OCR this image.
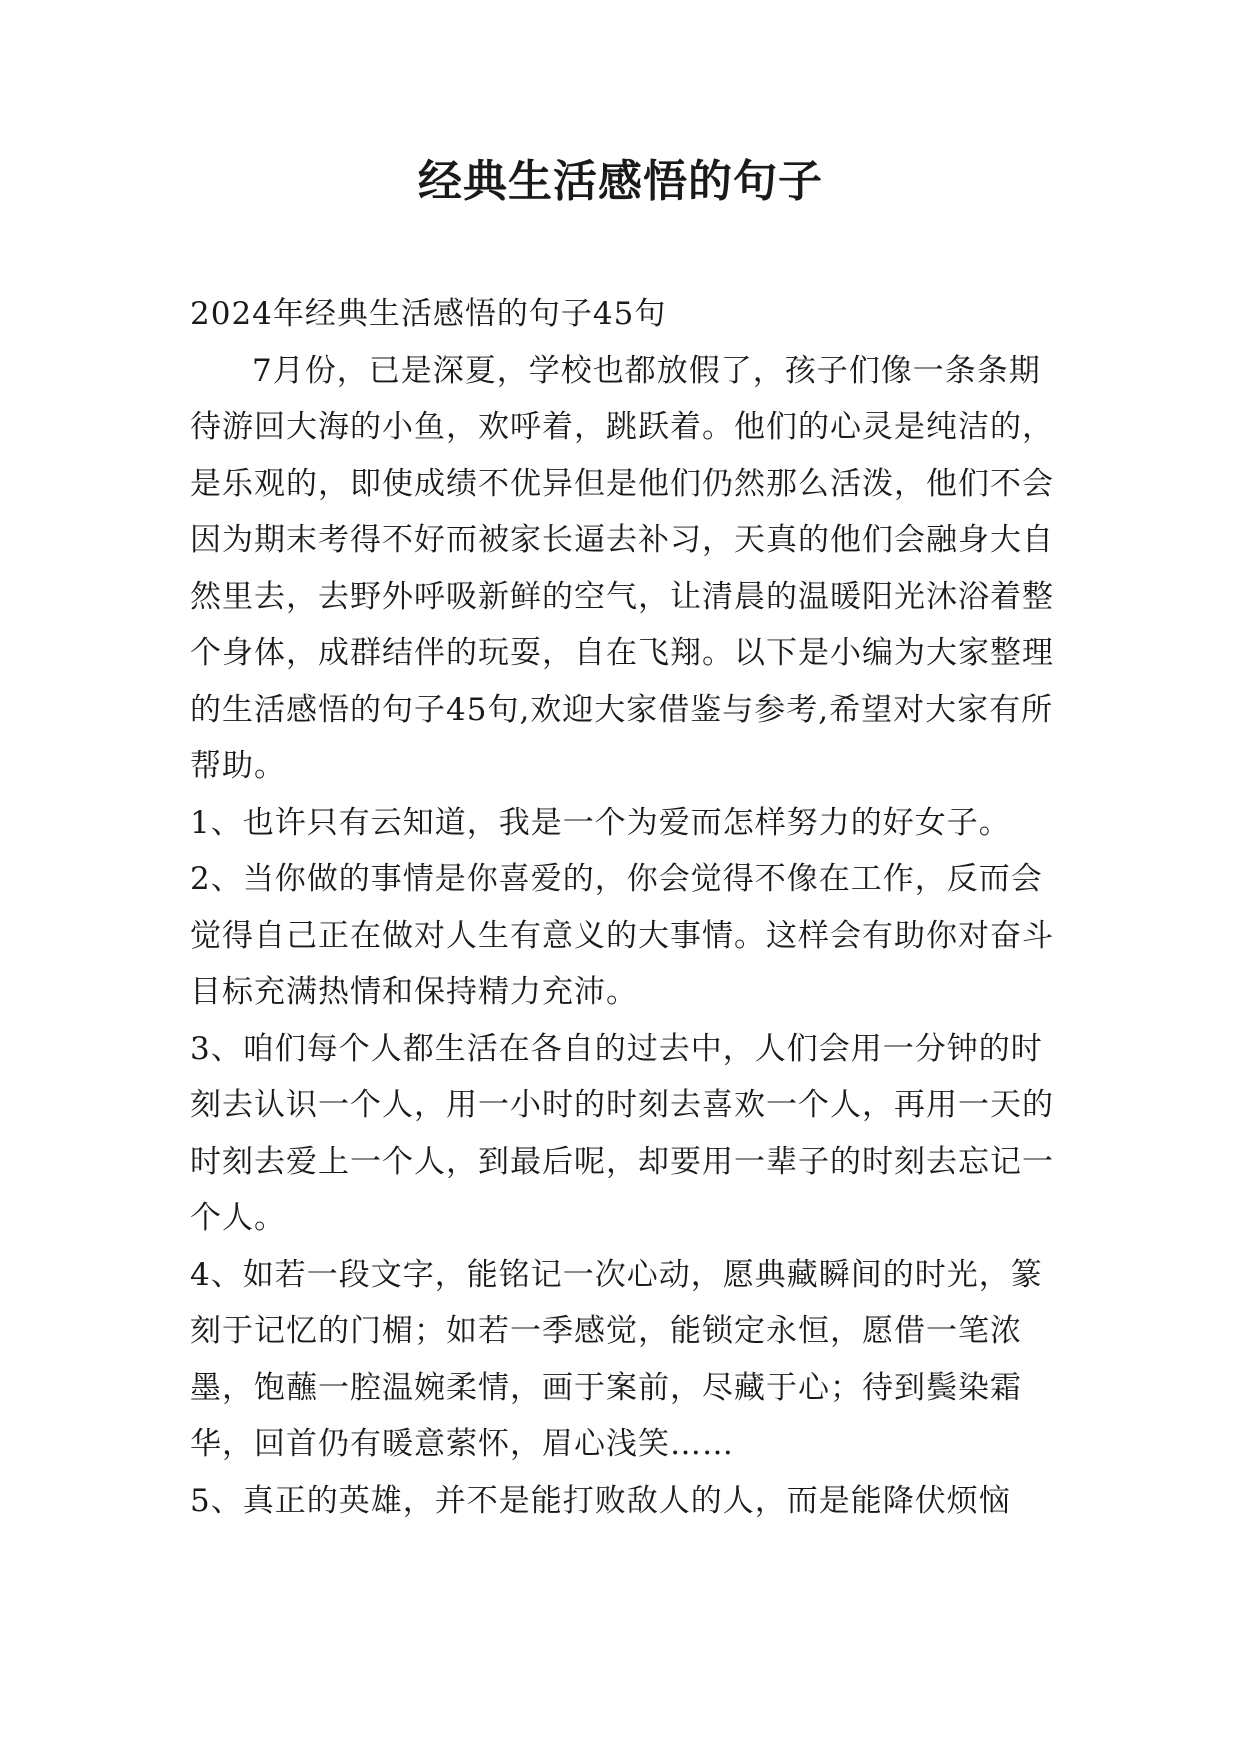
经典生活感悟的句子

2024年经典生活感悟的句子45句

7月份，已是深夏，学校也都放假了，孩子们像一条条期待游回大海的小鱼，欢呼着，跳跃着。他们的心灵是纯洁的，是乐观的，即使成绩不优异但是他们仍然那么活泼，他们不会因为期末考得不好而被家长逼去补习，天真的他们会融身大自然里去，去野外呼吸新鲜的空气，让清晨的温暖阳光沐浴着整个身体，成群结伴的玩耍，自在飞翔。以下是小编为大家整理的生活感悟的句子45句,欢迎大家借鉴与参考,希望对大家有所帮助。

1、也许只有云知道，我是一个为爱而怎样努力的好女子。

2、当你做的事情是你喜爱的，你会觉得不像在工作，反而会觉得自己正在做对人生有意义的大事情。这样会有助你对奋斗目标充满热情和保持精力充沛。

3、咱们每个人都生活在各自的过去中，人们会用一分钟的时刻去认识一个人，用一小时的时刻去喜欢一个人，再用一天的时刻去爱上一个人，到最后呢，却要用一辈子的时刻去忘记一个人。

4、如若一段文字，能铭记一次心动，愿典藏瞬间的时光，篆刻于记忆的门楣；如若一季感觉，能锁定永恒，愿借一笔浓墨，饱蘸一腔温婉柔情，画于案前，尽藏于心；待到鬓染霜华，回首仍有暖意萦怀，眉心浅笑……

5、真正的英雄，并不是能打败敌人的人，而是能降伏烦恼
